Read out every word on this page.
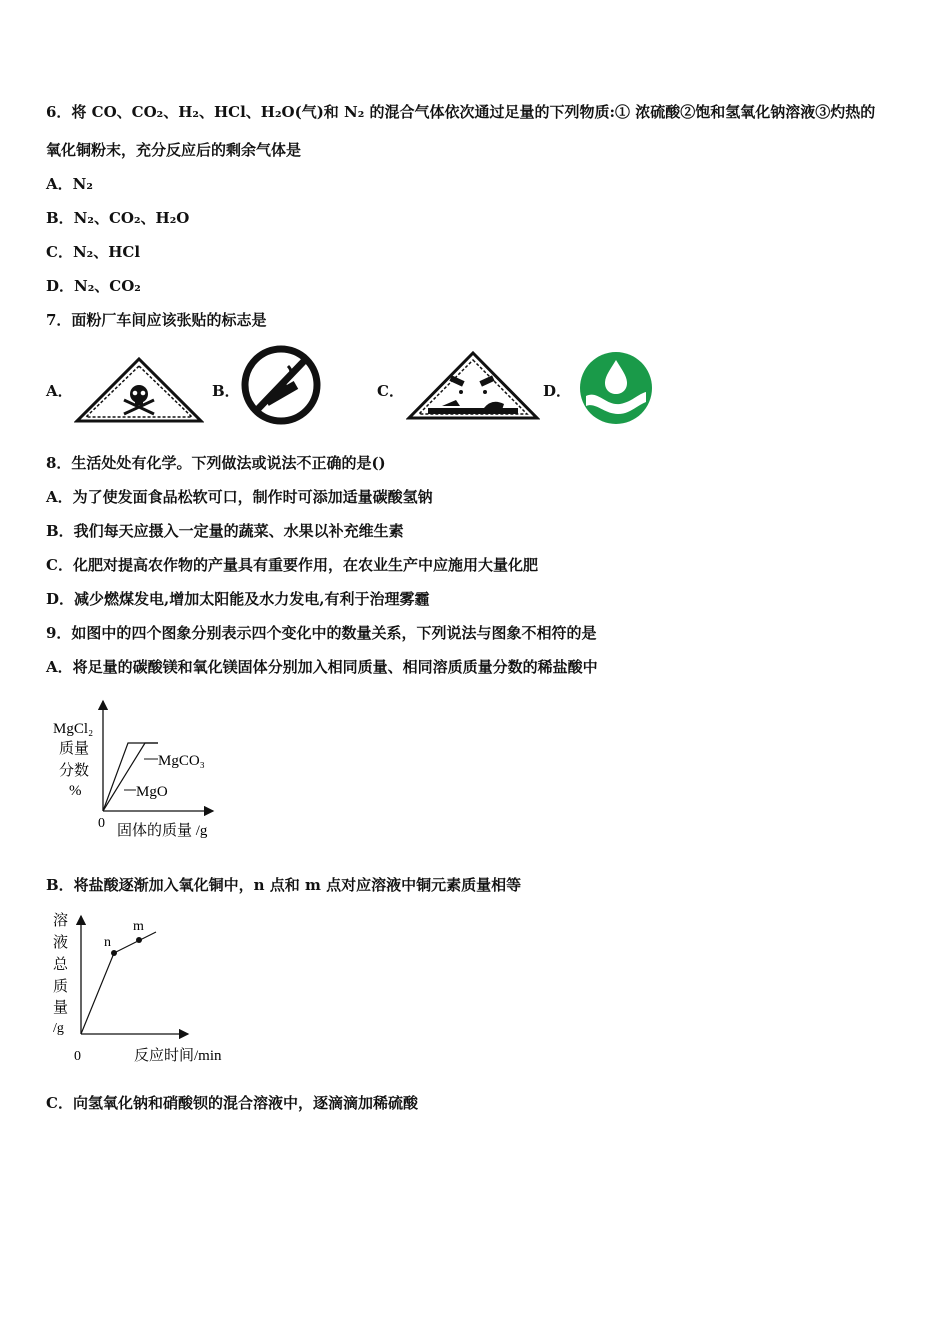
6．将 CO、CO₂、H₂、HCl、H₂O(气)和 N₂ 的混合气体依次通过足量的下列物质:① 浓硫酸②饱和氢氧化钠溶液③灼热的
氧化铜粉末，充分反应后的剩余气体是
A．N₂
B．N₂、CO₂、H₂O
C．N₂、HCl
D．N₂、CO₂
7．面粉厂车间应该张贴的标志是
A．	B．	C．	D．
8．生活处处有化学。下列做法或说法不正确的是()
A．为了使发面食品松软可口，制作时可添加适量碳酸氢钠
B．我们每天应摄入一定量的蔬菜、水果以补充维生素
C．化肥对提高农作物的产量具有重要作用，在农业生产中应施用大量化肥
D．减少燃煤发电,增加太阳能及水力发电,有利于治理雾霾
9．如图中的四个图象分别表示四个变化中的数量关系，下列说法与图象不相符的是
A．将足量的碳酸镁和氧化镁固体分别加入相同质量、相同溶质质量分数的稀盐酸中
MgCl₂
质量
分数
%
MgCO₃
MgO
0 固体的质量 /g
B．将盐酸逐渐加入氧化铜中，n 点和 m 点对应溶液中铜元素质量相等
n
m
溶
液
总
质
量
/g
0	反应时间/min
C．向氢氧化钠和硝酸钡的混合溶液中，逐滴滴加稀硫酸
